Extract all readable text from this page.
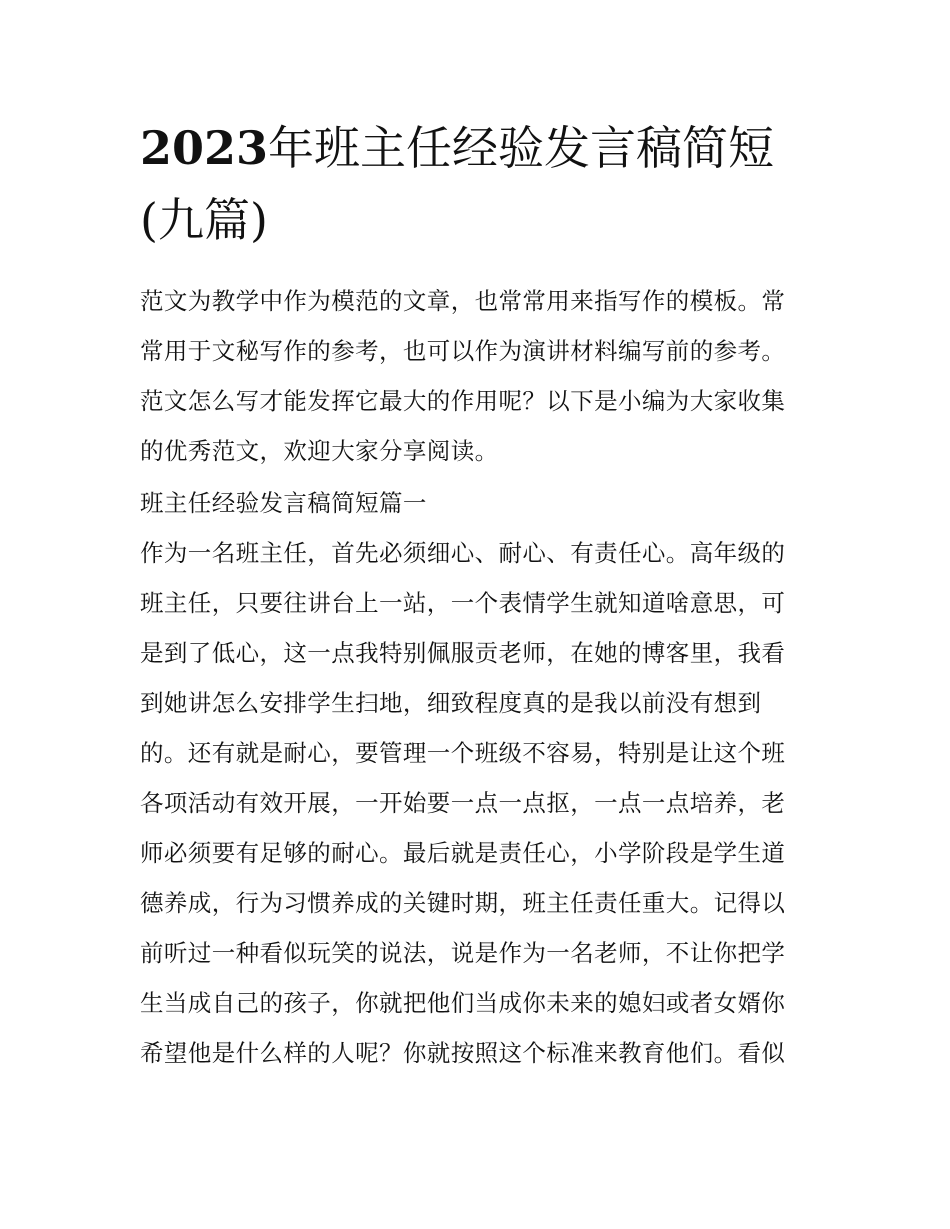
2023年班主任经验发言稿简短
(九篇)
范文为教学中作为模范的文章，也常常用来指写作的模板。常
常用于文秘写作的参考，也可以作为演讲材料编写前的参考。
范文怎么写才能发挥它最大的作用呢？以下是小编为大家收集
的优秀范文，欢迎大家分享阅读。
班主任经验发言稿简短篇一
作为一名班主任，首先必须细心、耐心、有责任心。高年级的
班主任，只要往讲台上一站，一个表情学生就知道啥意思，可
是到了低心，这一点我特别佩服贡老师，在她的博客里，我看
到她讲怎么安排学生扫地，细致程度真的是我以前没有想到
的。还有就是耐心，要管理一个班级不容易，特别是让这个班
各项活动有效开展，一开始要一点一点抠，一点一点培养，老
师必须要有足够的耐心。最后就是责任心，小学阶段是学生道
德养成，行为习惯养成的关键时期，班主任责任重大。记得以
前听过一种看似玩笑的说法，说是作为一名老师，不让你把学
生当成自己的孩子，你就把他们当成你未来的媳妇或者女婿你
希望他是什么样的人呢？你就按照这个标准来教育他们。看似
